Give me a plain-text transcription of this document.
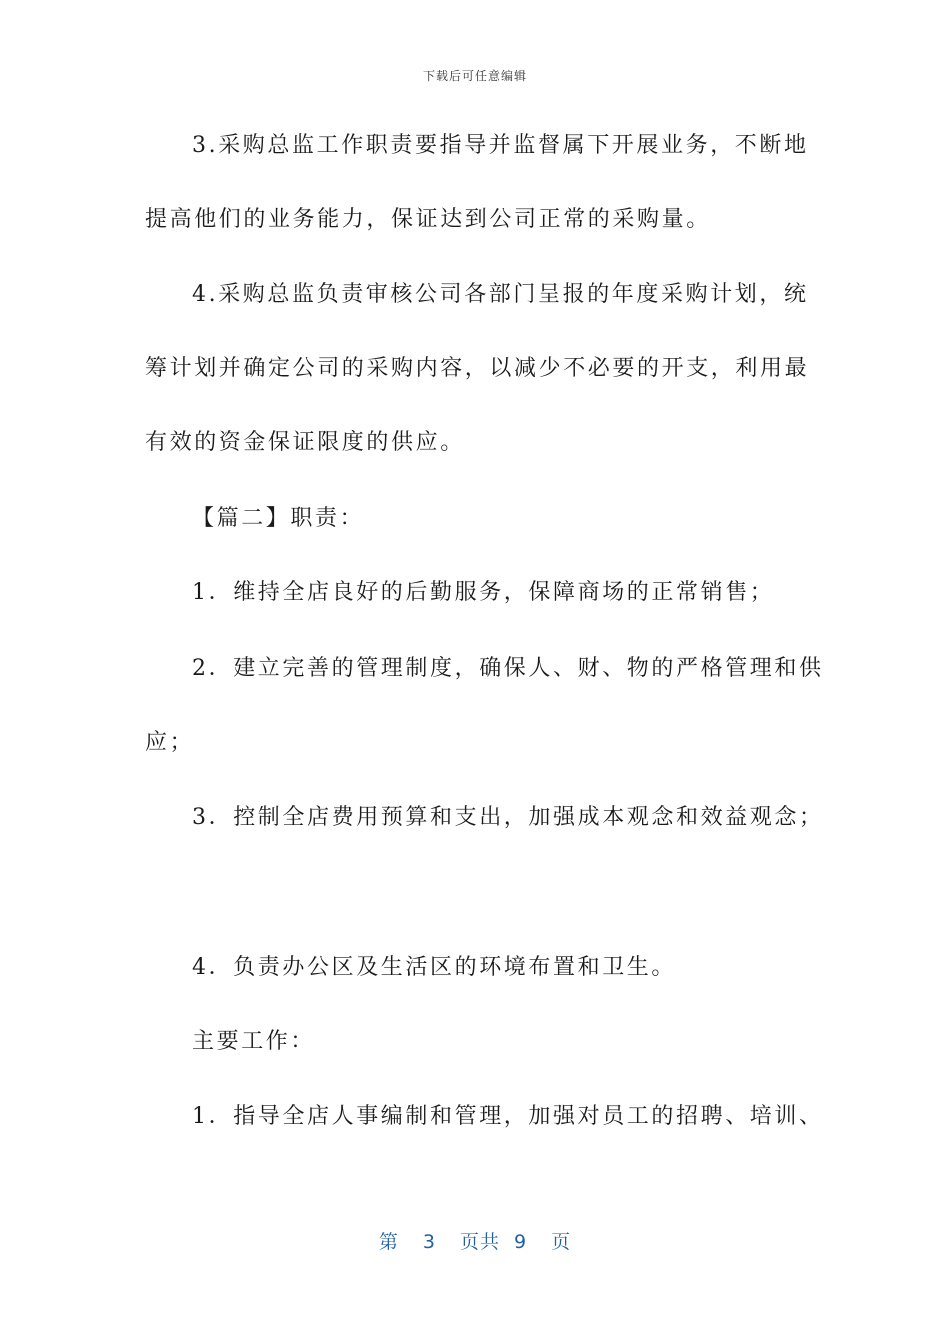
下载后可任意编辑
3.采购总监工作职责要指导并监督属下开展业务，不断地
提高他们的业务能力，保证达到公司正常的采购量。
4.采购总监负责审核公司各部门呈报的年度采购计划，统
筹计划并确定公司的采购内容，以减少不必要的开支，利用最
有效的资金保证限度的供应。
【篇二】职责：
1．维持全店良好的后勤服务，保障商场的正常销售；
2．建立完善的管理制度，确保人、财、物的严格管理和供
应；
3．控制全店费用预算和支出，加强成本观念和效益观念；
4．负责办公区及生活区的环境布置和卫生。
主要工作：
1．指导全店人事编制和管理，加强对员工的招聘、培训、
第 3 页共 9 页
